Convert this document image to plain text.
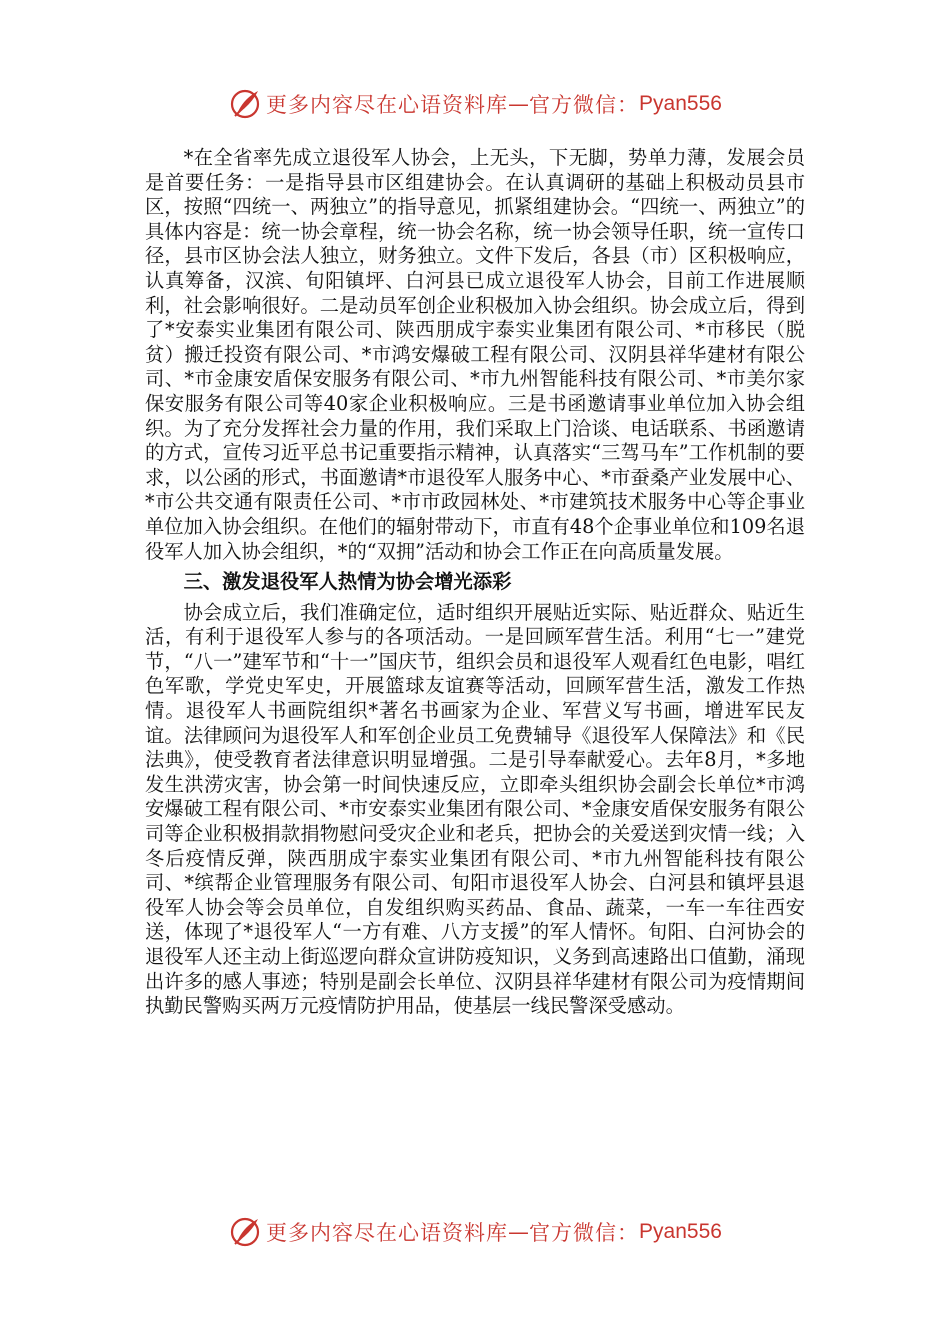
更多内容尽在心语资料库 — 官方微信： Pyan556

*在全省率先成立退役军人协会，上无头，下无脚，势单力薄，发展会员是首要任务：一是指导县市区组建协会。在认真调研的基础上积极动员县市区，按照“四统一、两独立”的指导意见，抓紧组建协会。“四统一、两独立”的具体内容是：统一协会章程，统一协会名称，统一协会领导任职，统一宣传口径，县市区协会法人独立，财务独立。文件下发后，各县（市）区积极响应，认真筹备，汉滨、旬阳镇坪、白河县已成立退役军人协会，目前工作进展顺利，社会影响很好。二是动员军创企业积极加入协会组织。协会成立后，得到了*安泰实业集团有限公司、陕西朋成宇泰实业集团有限公司、*市移民（脱贫）搬迁投资有限公司、*市鸿安爆破工程有限公司、汉阴县祥华建材有限公司、*市金康安盾保安服务有限公司、*市九州智能科技有限公司、*市美尔家保安服务有限公司等40家企业积极响应。三是书函邀请事业单位加入协会组织。为了充分发挥社会力量的作用，我们采取上门洽谈、电话联系、书函邀请的方式，宣传习近平总书记重要指示精神，认真落实“三驾马车”工作机制的要求，以公函的形式，书面邀请*市退役军人服务中心、*市蚕桑产业发展中心、*市公共交通有限责任公司、*市市政园林处、*市建筑技术服务中心等企事业单位加入协会组织。在他们的辐射带动下，市直有48个企事业单位和109名退役军人加入协会组织，*的“双拥”活动和协会工作正在向高质量发展。

三、激发退役军人热情为协会增光添彩

协会成立后，我们准确定位，适时组织开展贴近实际、贴近群众、贴近生活，有利于退役军人参与的各项活动。一是回顾军营生活。利用“七一”建党节，“八一”建军节和“十一”国庆节，组织会员和退役军人观看红色电影，唱红色军歌，学党史军史，开展篮球友谊赛等活动，回顾军营生活，激发工作热情。退役军人书画院组织*著名书画家为企业、军营义写书画，增进军民友谊。法律顾问为退役军人和军创企业员工免费辅导《退役军人保障法》和《民法典》，使受教育者法律意识明显增强。二是引导奉献爱心。去年8月，*多地发生洪涝灾害，协会第一时间快速反应，立即牵头组织协会副会长单位*市鸿安爆破工程有限公司、*市安泰实业集团有限公司、*金康安盾保安服务有限公司等企业积极捐款捐物慰问受灾企业和老兵，把协会的关爱送到灾情一线；入冬后疫情反弹，陕西朋成宇泰实业集团有限公司、*市九州智能科技有限公司、*缤帮企业管理服务有限公司、旬阳市退役军人协会、白河县和镇坪县退役军人协会等会员单位，自发组织购买药品、食品、蔬菜，一车一车往西安送，体现了*退役军人“一方有难、八方支援”的军人情怀。旬阳、白河协会的退役军人还主动上街巡逻向群众宣讲防疫知识，义务到高速路出口值勤，涌现出许多的感人事迹；特别是副会长单位、汉阴县祥华建材有限公司为疫情期间执勤民警购买两万元疫情防护用品，使基层一线民警深受感动。

更多内容尽在心语资料库 — 官方微信： Pyan556
